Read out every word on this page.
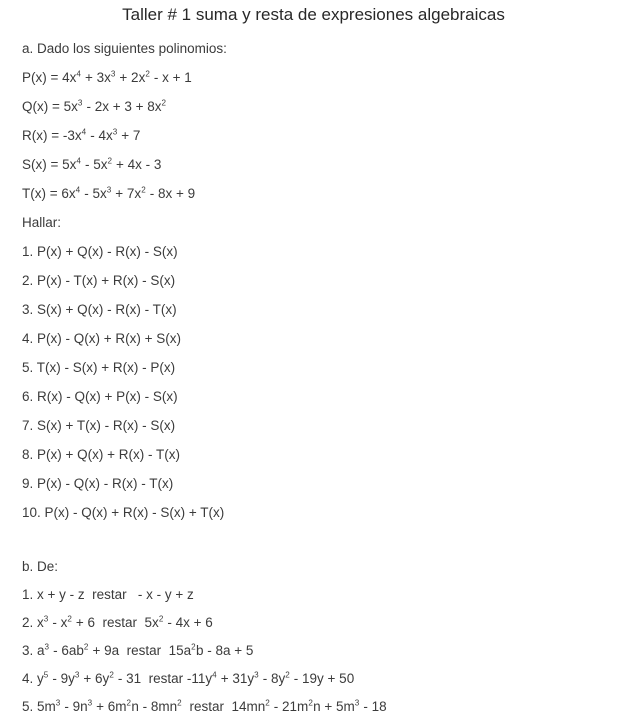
Taller # 1 suma y resta de expresiones algebraicas
a. Dado los siguientes polinomios:
$P(x) = 4x^4 + 3x^3 + 2x^2 - x + 1$
$Q(x) = 5x^3 - 2x + 3 + 8x^2$
$R(x) = -3x^4 - 4x^3 + 7$
$S(x) = 5x^4 - 5x^2 + 4x - 3$
$T(x) = 6x^4 - 5x^3 + 7x^2 - 8x + 9$
Hallar:
1. P(x) + Q(x) - R(x) - S(x)
2. P(x) - T(x) + R(x) - S(x)
3. S(x) + Q(x) - R(x) - T(x)
4. P(x) - Q(x) + R(x) + S(x)
5. T(x) - S(x) + R(x) - P(x)
6. R(x) - Q(x) + P(x) - S(x)
7. S(x) + T(x) - R(x) - S(x)
8. P(x) + Q(x) + R(x) - T(x)
9. P(x) - Q(x) - R(x) - T(x)
10. P(x) - Q(x) + R(x) - S(x) + T(x)
b. De:
1. x + y - z  restar   - x - y + z
2. $x^3 - x^2 + 6$  restar  $5x^2 - 4x + 6$
3. $a^3 - 6ab^2 + 9a$  restar  $15a^2b - 8a + 5$
4. $y^5 - 9y^3 + 6y^2 - 31$  restar $-11y^4 + 31y^3 - 8y^2 - 19y + 50$
5. $5m^3 - 9n^3 + 6m^2n - 8mn^2$  restar  $14mn^2 - 21m^2n + 5m^3 - 18$
